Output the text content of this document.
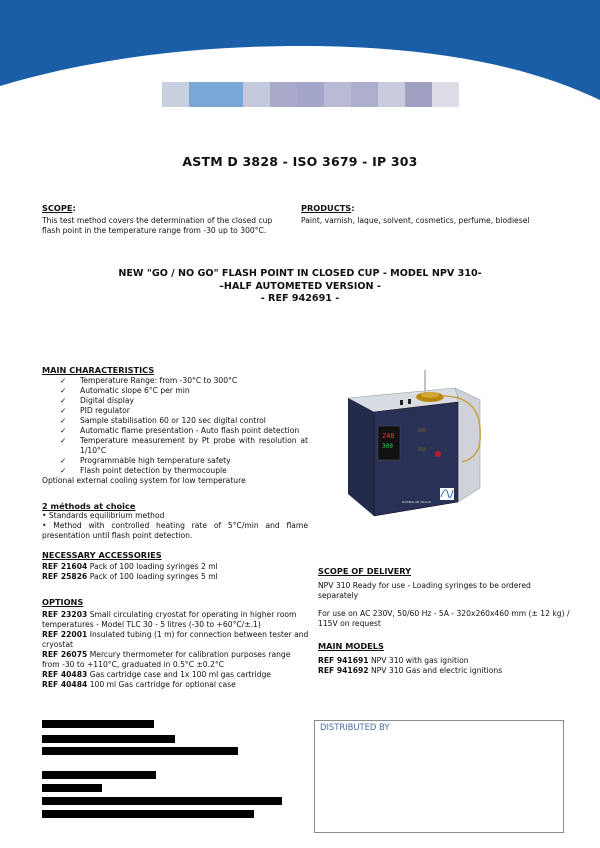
ASTM D 3828 - ISO 3679 - IP 303
SCOPE:
This test method covers the determination of the closed cup flash point in the temperature range from -30 up to 300°C.
PRODUCTS:
Paint, varnish, laque, solvent, cosmetics, perfume, biodiesel
NEW "GO / NO GO" FLASH POINT IN CLOSED CUP - MODEL NPV 310-
–HALF AUTOMETED VERSION -
- REF 942691 -
MAIN CHARACTERISTICS
✓ Temperature Range: from -30°C to 300°C
✓ Automatic slope 6°C per min
✓ Digital display
✓ PID regulator
✓ Sample stabilisation 60 or 120 sec digital control
✓ Automatic flame presentation - Auto flash point detection
✓ Temperature measurement by Pt probe with resolution at 1/10°C
✓ Programmable high temperature safety
✓ Flash point detection by thermocouple
Optional external cooling system for low temperature
248
300
NORMALAB ANALIS
2 méthods at choice
• Standards equilibrium method
• Method with controlled heating rate of 5°C/min and flame presentation until flash point detection.
NECESSARY ACCESSORIES
REF 21604 Pack of 100 loading syringes 2 ml
REF 25826 Pack of 100 loading syringes 5 ml
OPTIONS
REF 23203 Small circulating cryostat for operating in higher room temperatures - Model TLC 30 - 5 litres (-30 to +60°C/±.1)
REF 22001 Insulated tubing (1 m) for connection between tester and cryostat
REF 26075 Mercury thermometer for calibration purposes range from -30 to +110°C, graduated in 0.5°C ±0.2°C
REF 40483 Gas cartridge case and 1x 100 ml gas cartridge
REF 40484 100 ml Gas cartridge for optional case
SCOPE OF DELIVERY
NPV 310 Ready for use - Loading syringes to be ordered separately
For use on AC 230V, 50/60 Hz - 5A - 320x260x460 mm (± 12 kg) / 115V on request
MAIN MODELS
REF 941691 NPV 310 with gas ignition
REF 941692 NPV 310 Gas and electric ignitions
DISTRIBUTED BY
